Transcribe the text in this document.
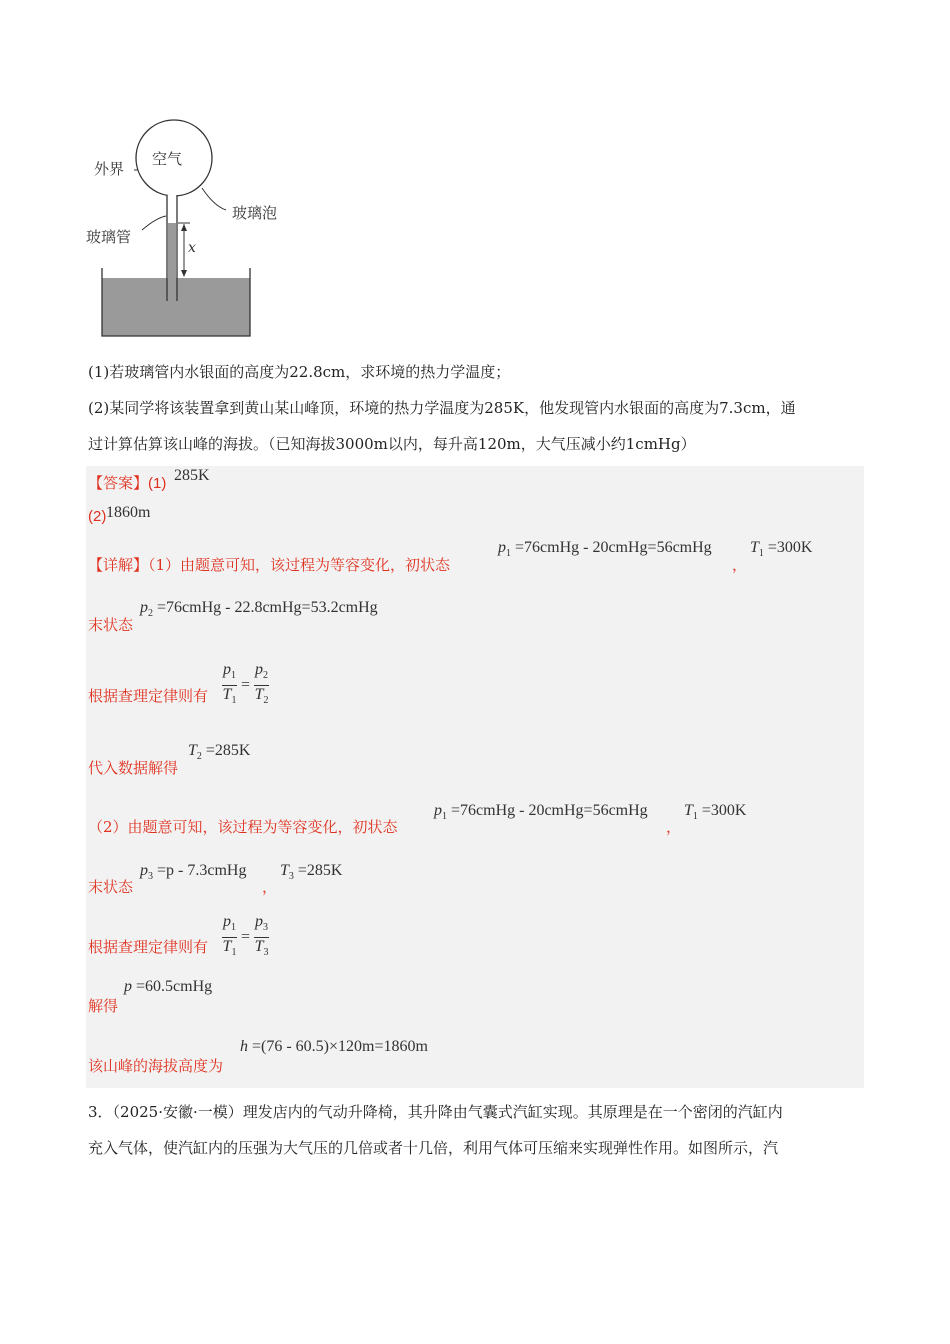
x
外界
空气
玻璃泡
玻璃管
(1)若玻璃管内水银面的高度为22.8cm，求环境的热力学温度；
(2)某同学将该装置拿到黄山某山峰顶，环境的热力学温度为285K，他发现管内水银面的高度为7.3cm，通
过计算估算该山峰的海拔。（已知海拔3000m以内，每升高120m，大气压减小约1cmHg）
【答案】(1) 285K
(2) 1860m
【详解】（1）由题意可知，该过程为等容变化，初状态
$p_1$ =76cmHg - 20cmHg=56cmHg
，
$T_1 =300K$
末状态
$p_2$ =76cmHg - 22.8cmHg=53.2cmHg
根据查理定律则有 $\frac{p_1}{T_1} = \frac{p_2}{T_2}$
代入数据解得
$T_2 =285K$
（2）由题意可知，该过程为等容变化，初状态
$p_1$ =76cmHg - 20cmHg=56cmHg
，
$T_1 =300K$
末状态
$p_3 =p$ - 7.3cmHg
，
$T_3 =285K$
根据查理定律则有 $\frac{p_1}{T_1} = \frac{p_3}{T_3}$
解得
p =60.5cmHg
该山峰的海拔高度为
h =(76 - 60.5)×120m=1860m
3．（2025·安徽·一模）理发店内的气动升降椅，其升降由气囊式汽缸实现。其原理是在一个密闭的汽缸内
充入气体，使汽缸内的压强为大气压的几倍或者十几倍，利用气体可压缩来实现弹性作用。如图所示，汽
